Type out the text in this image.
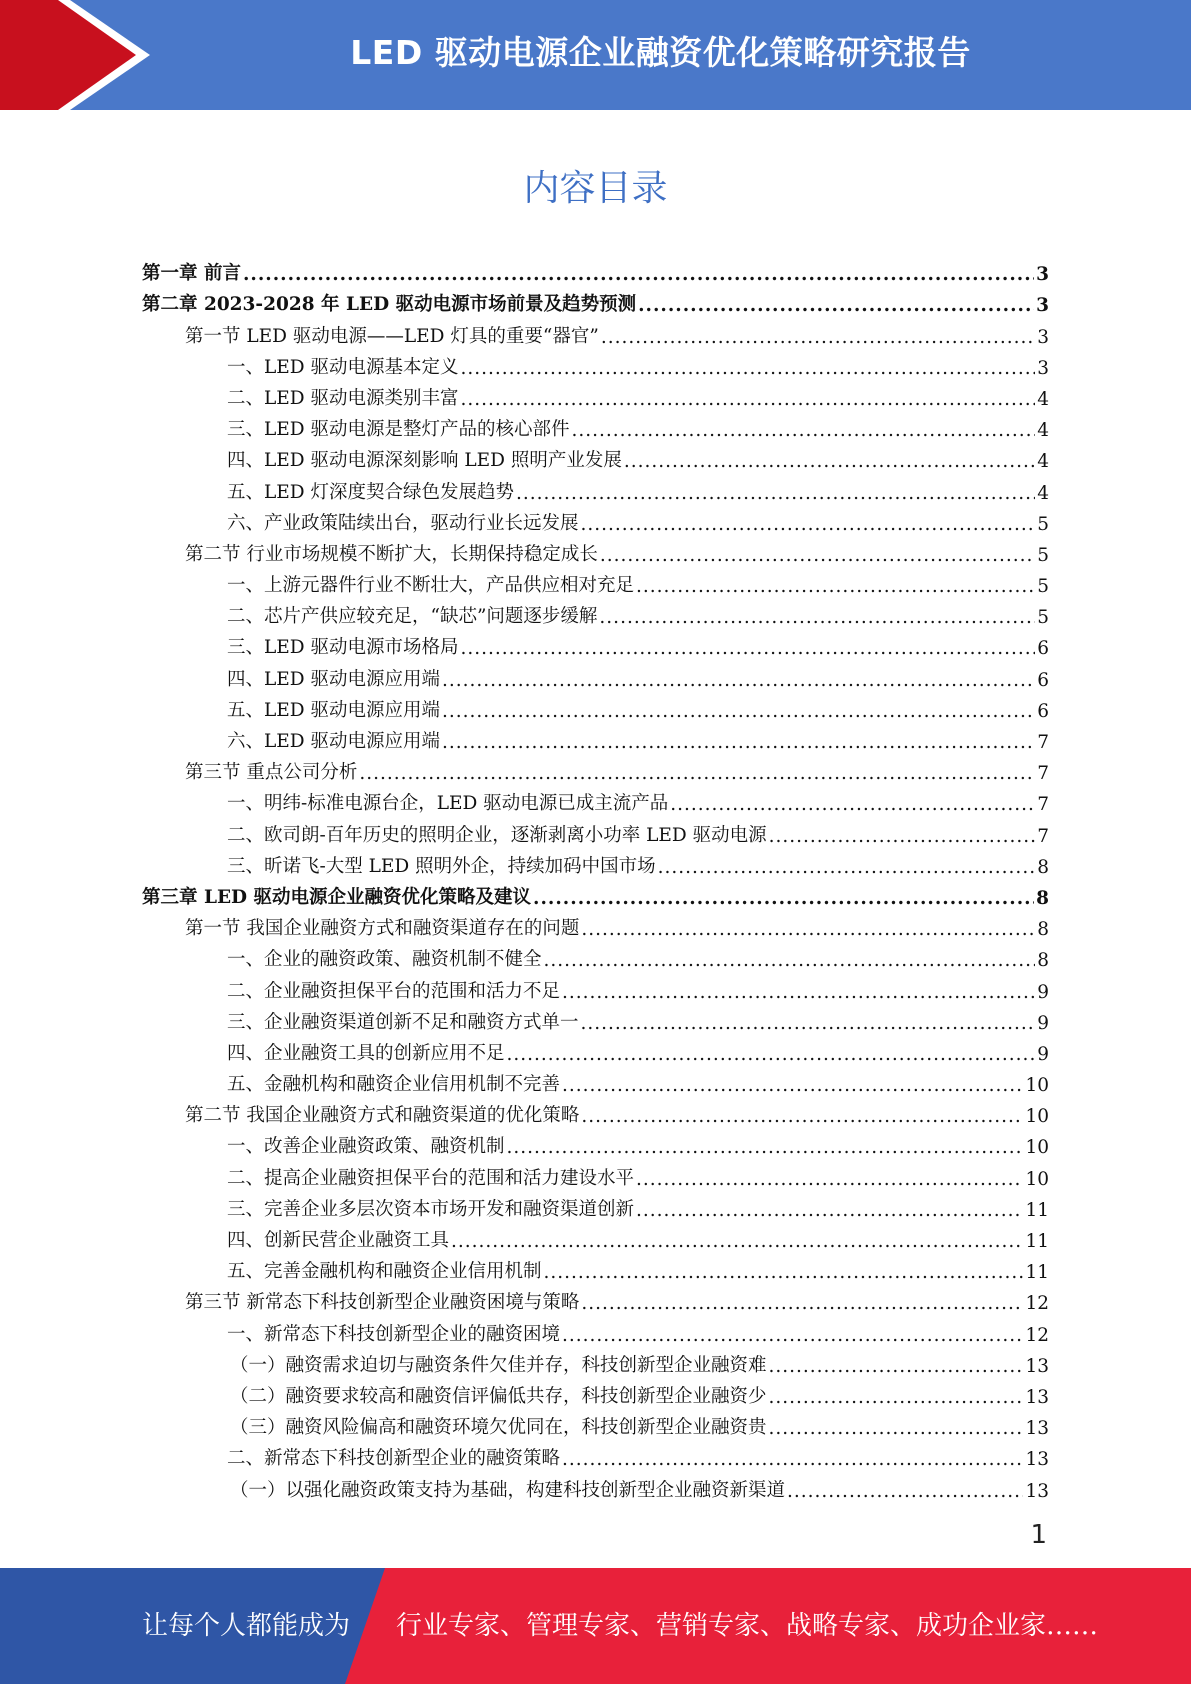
LED 驱动电源企业融资优化策略研究报告
内容目录
第一章 前言 .....	3
第二章 2023-2028 年 LED 驱动电源市场前景及趋势预测 .....	3
第一节 LED 驱动电源——LED 灯具的重要“器官” .....	3
一、LED 驱动电源基本定义 .....	3
二、LED 驱动电源类别丰富 .....	4
三、LED 驱动电源是整灯产品的核心部件 .....	4
四、LED 驱动电源深刻影响 LED 照明产业发展 .....	4
五、LED 灯深度契合绿色发展趋势 .....	4
六、产业政策陆续出台，驱动行业长远发展 .....	5
第二节 行业市场规模不断扩大，长期保持稳定成长 .....	5
一、上游元器件行业不断壮大，产品供应相对充足 .....	5
二、芯片产供应较充足，“缺芯”问题逐步缓解 .....	5
三、LED 驱动电源市场格局 .....	6
四、LED 驱动电源应用端 .....	6
五、LED 驱动电源应用端 .....	6
六、LED 驱动电源应用端 .....	7
第三节 重点公司分析 .....	7
一、明纬-标准电源台企，LED 驱动电源已成主流产品 .....	7
二、欧司朗-百年历史的照明企业，逐渐剥离小功率 LED 驱动电源 .....	7
三、昕诺飞-大型 LED 照明外企，持续加码中国市场 .....	8
第三章 LED 驱动电源企业融资优化策略及建议 .....	8
第一节 我国企业融资方式和融资渠道存在的问题 .....	8
一、企业的融资政策、融资机制不健全 .....	8
二、企业融资担保平台的范围和活力不足 .....	9
三、企业融资渠道创新不足和融资方式单一 .....	9
四、企业融资工具的创新应用不足 .....	9
五、金融机构和融资企业信用机制不完善 .....	10
第二节 我国企业融资方式和融资渠道的优化策略 .....	10
一、改善企业融资政策、融资机制 .....	10
二、提高企业融资担保平台的范围和活力建设水平 .....	10
三、完善企业多层次资本市场开发和融资渠道创新 .....	11
四、创新民营企业融资工具 .....	11
五、完善金融机构和融资企业信用机制 .....	11
第三节 新常态下科技创新型企业融资困境与策略 .....	12
一、新常态下科技创新型企业的融资困境 .....	12
（一）融资需求迫切与融资条件欠佳并存，科技创新型企业融资难 .....	13
（二）融资要求较高和融资信评偏低共存，科技创新型企业融资少 .....	13
（三）融资风险偏高和融资环境欠优同在，科技创新型企业融资贵 .....	13
二、新常态下科技创新型企业的融资策略 .....	13
（一）以强化融资政策支持为基础，构建科技创新型企业融资新渠道 .....	13
1
让每个人都能成为 行业专家、管理专家、营销专家、战略专家、成功企业家……
